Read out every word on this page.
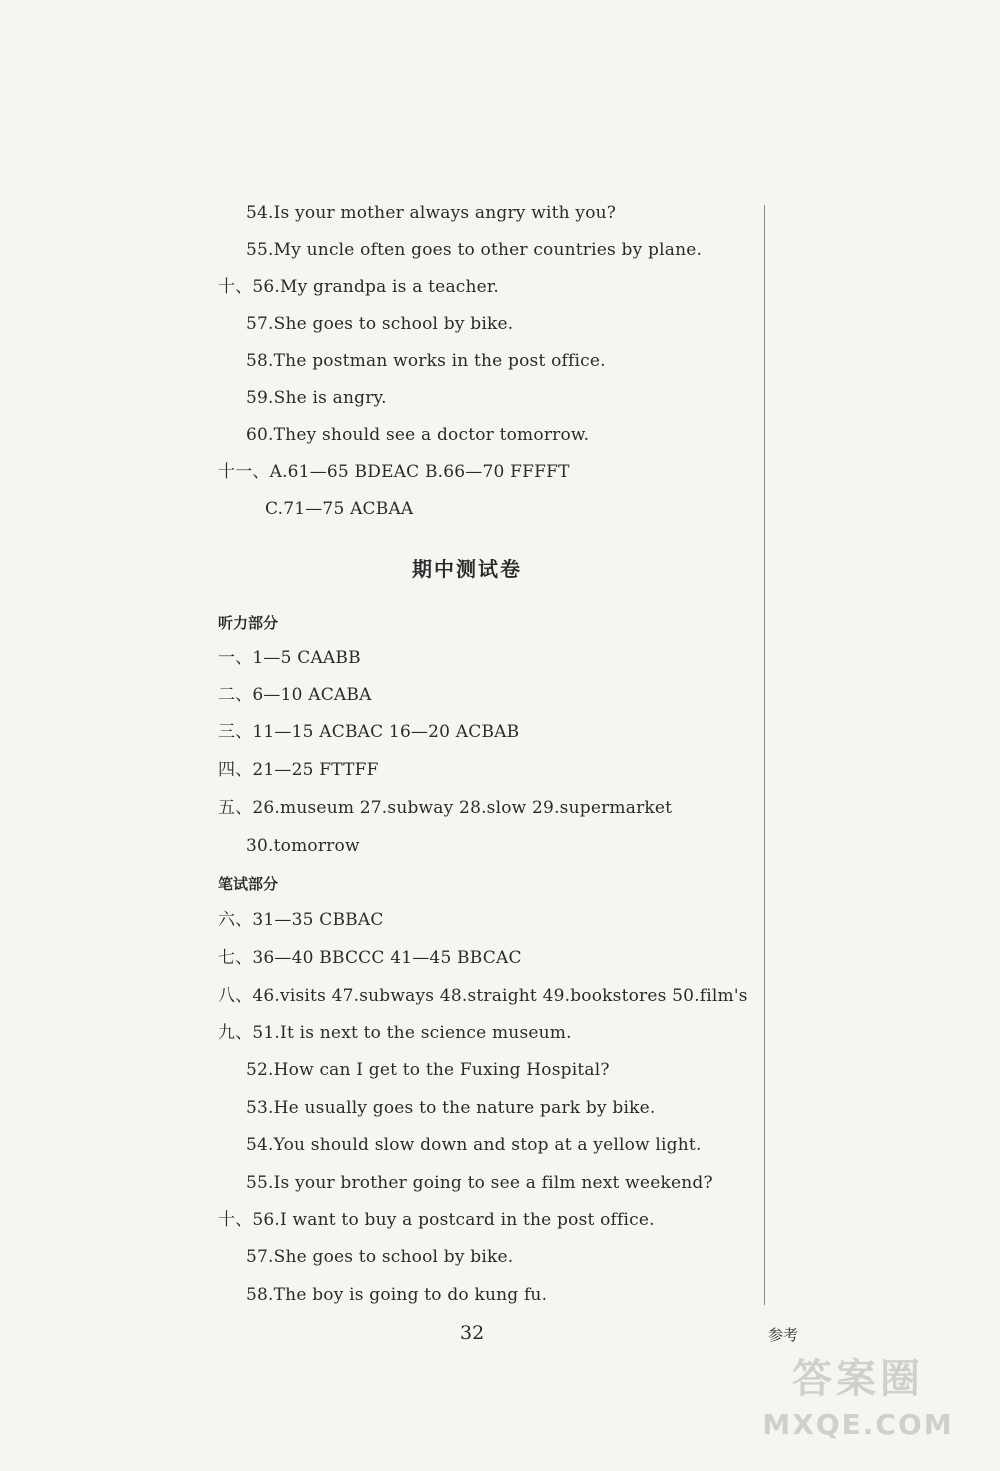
54.Is your mother always angry with you?
55.My uncle often goes to other countries by plane.
十、56.My grandpa is a teacher.
57.She goes to school by bike.
58.The postman works in the post office.
59.She is angry.
60.They should see a doctor tomorrow.
十一、A.61—65 BDEAC B.66—70 FFFFT
C.71—75 ACBAA
期中测试卷
听力部分
一、1—5 CAABB
二、6—10 ACABA
三、11—15 ACBAC 16—20 ACBAB
四、21—25 FTTFF
五、26.museum 27.subway 28.slow 29.supermarket
30.tomorrow
笔试部分
六、31—35 CBBAC
七、36—40 BBCCC 41—45 BBCAC
八、46.visits 47.subways 48.straight 49.bookstores 50.film's
九、51.It is next to the science museum.
52.How can I get to the Fuxing Hospital?
53.He usually goes to the nature park by bike.
54.You should slow down and stop at a yellow light.
55.Is your brother going to see a film next weekend?
十、56.I want to buy a postcard in the post office.
57.She goes to school by bike.
58.The boy is going to do kung fu.
32	参考
答案圈
MXQE.COM
